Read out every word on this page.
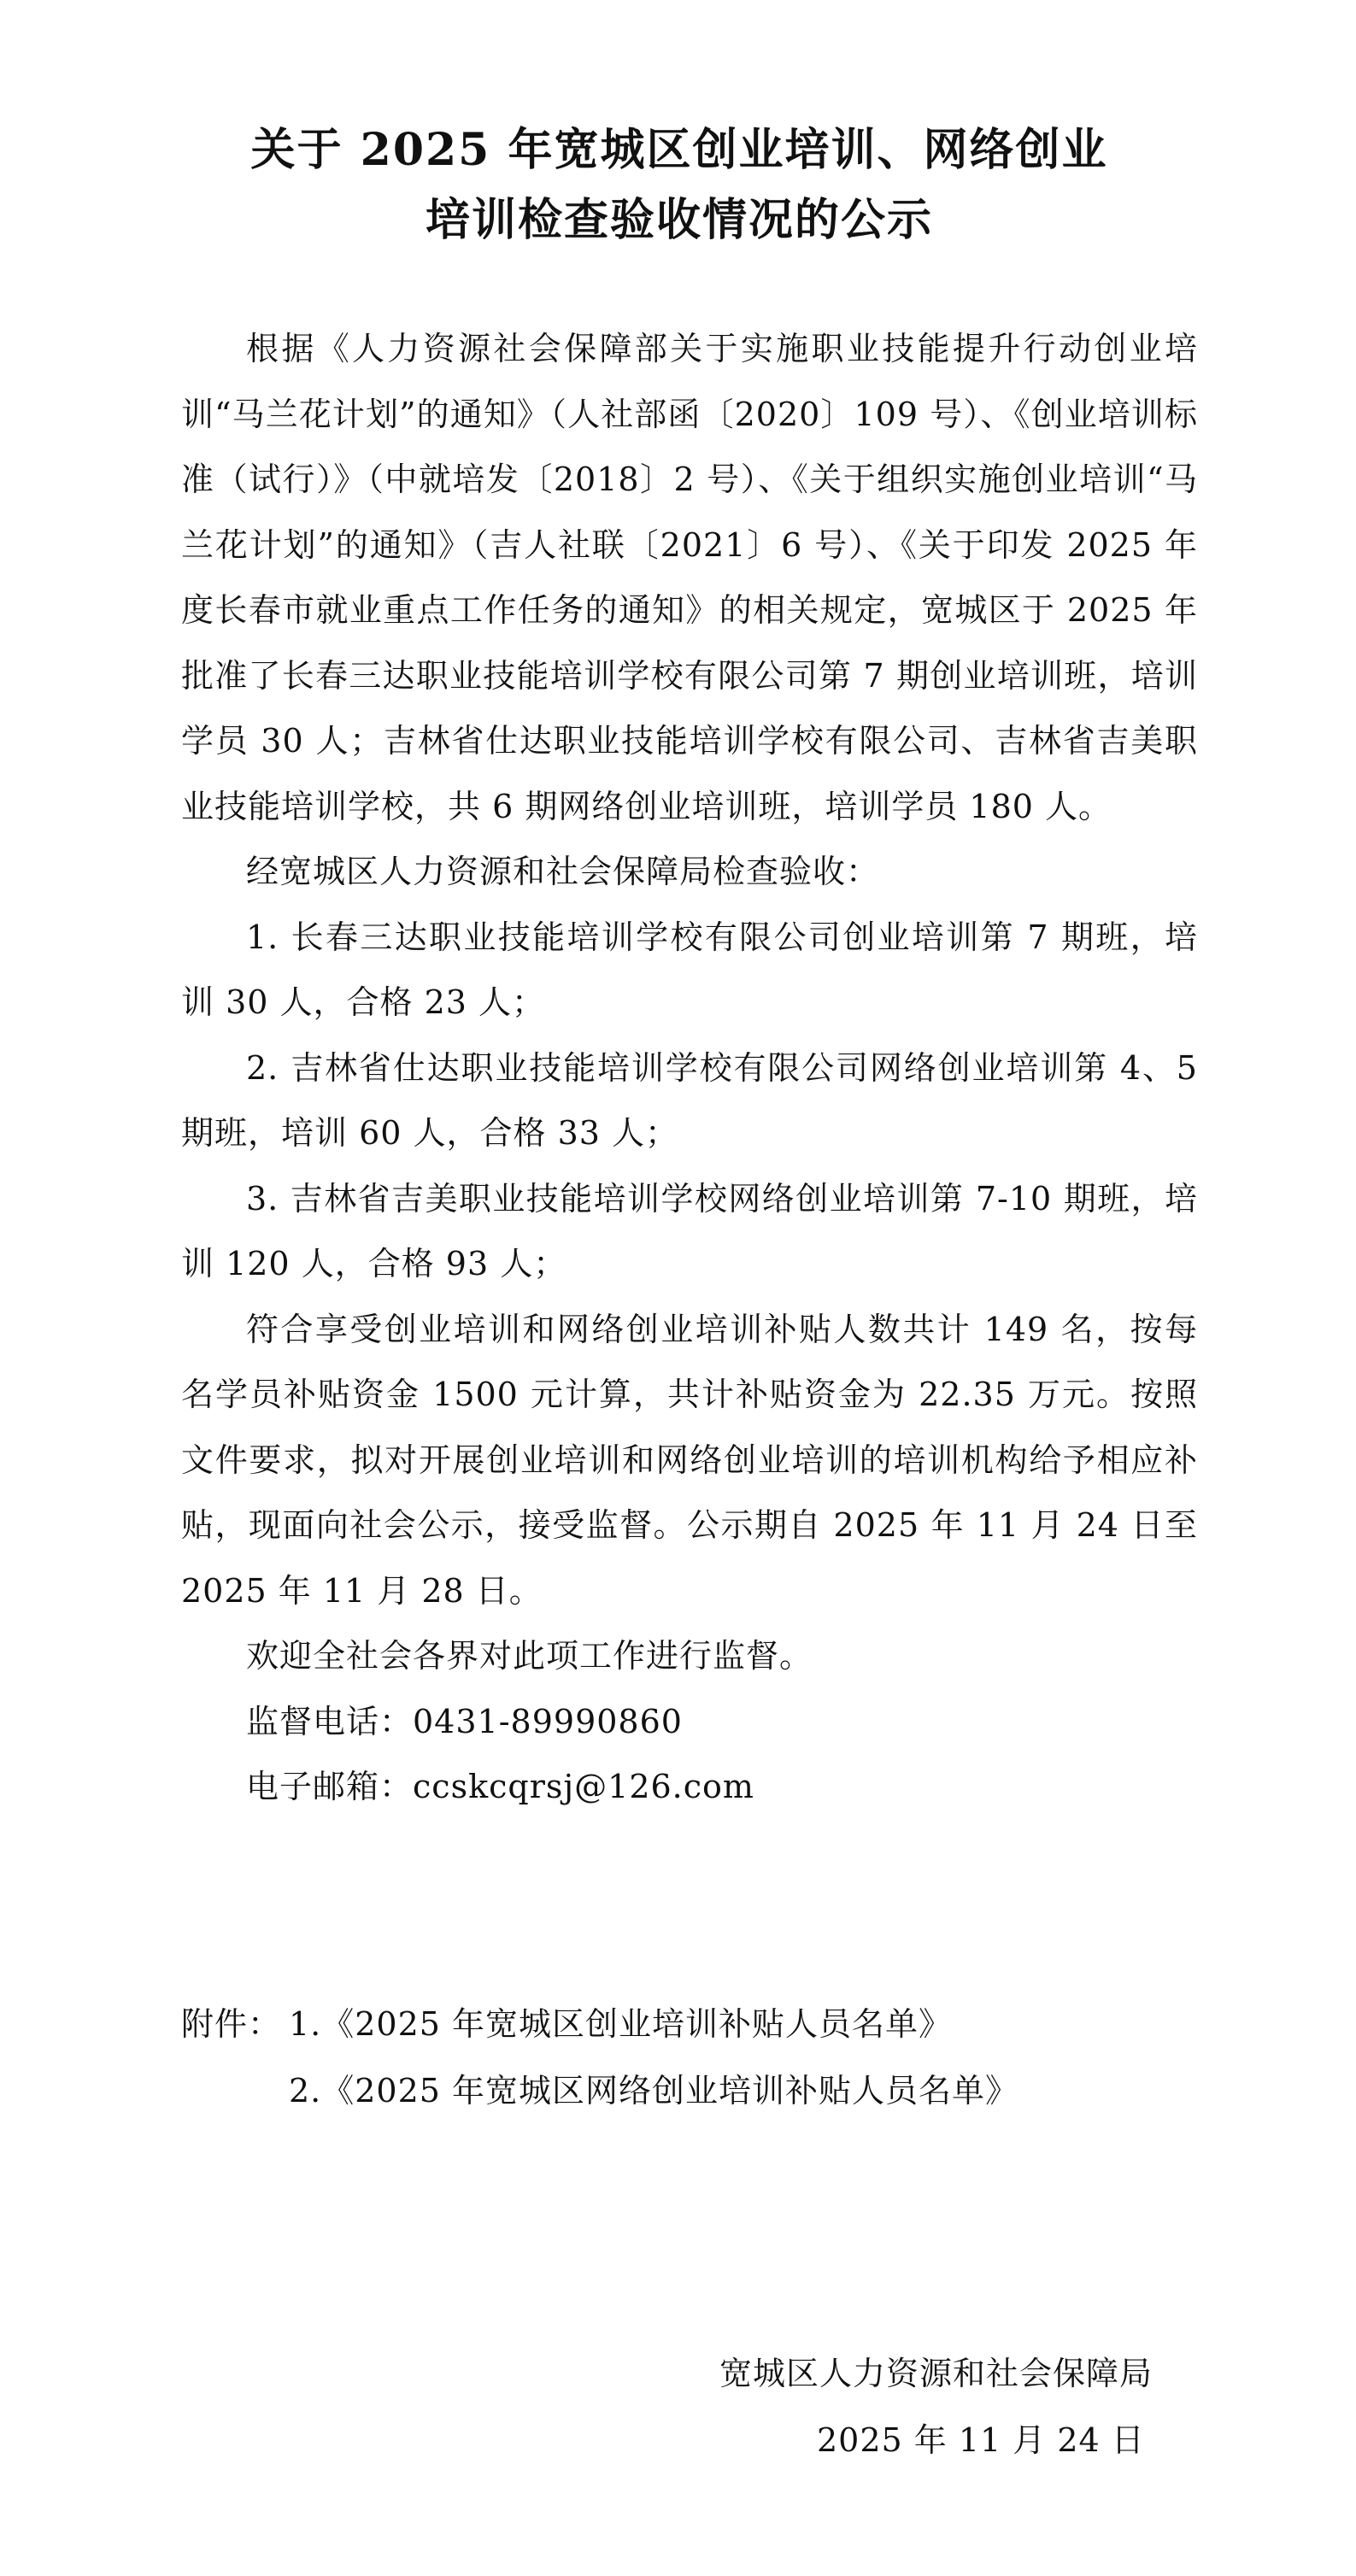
关于 2025 年宽城区创业培训、网络创业
培训检查验收情况的公示

根据《人力资源社会保障部关于实施职业技能提升行动创业培训“马兰花计划”的通知》（人社部函〔2020〕109 号）、《创业培训标准（试行）》（中就培发〔2018〕2 号）、《关于组织实施创业培训“马兰花计划”的通知》（吉人社联〔2021〕6 号）、《关于印发 2025 年度长春市就业重点工作任务的通知》的相关规定，宽城区于 2025 年批准了长春三达职业技能培训学校有限公司第 7 期创业培训班，培训学员 30 人；吉林省仕达职业技能培训学校有限公司、吉林省吉美职业技能培训学校，共 6 期网络创业培训班，培训学员 180 人。

经宽城区人力资源和社会保障局检查验收：

1. 长春三达职业技能培训学校有限公司创业培训第 7 期班，培训 30 人，合格 23 人；

2. 吉林省仕达职业技能培训学校有限公司网络创业培训第 4、5 期班，培训 60 人，合格 33 人；

3. 吉林省吉美职业技能培训学校网络创业培训第 7-10 期班，培训 120 人，合格 93 人；

符合享受创业培训和网络创业培训补贴人数共计 149 名，按每名学员补贴资金 1500 元计算，共计补贴资金为 22.35 万元。按照文件要求，拟对开展创业培训和网络创业培训的培训机构给予相应补贴，现面向社会公示，接受监督。公示期自 2025 年 11 月 24 日至 2025 年 11 月 28 日。

欢迎全社会各界对此项工作进行监督。

监督电话：0431-89990860

电子邮箱：ccskcqrsj@126.com

附件： 1.《2025 年宽城区创业培训补贴人员名单》
2.《2025 年宽城区网络创业培训补贴人员名单》
宽城区人力资源和社会保障局
2025 年 11 月 24 日
